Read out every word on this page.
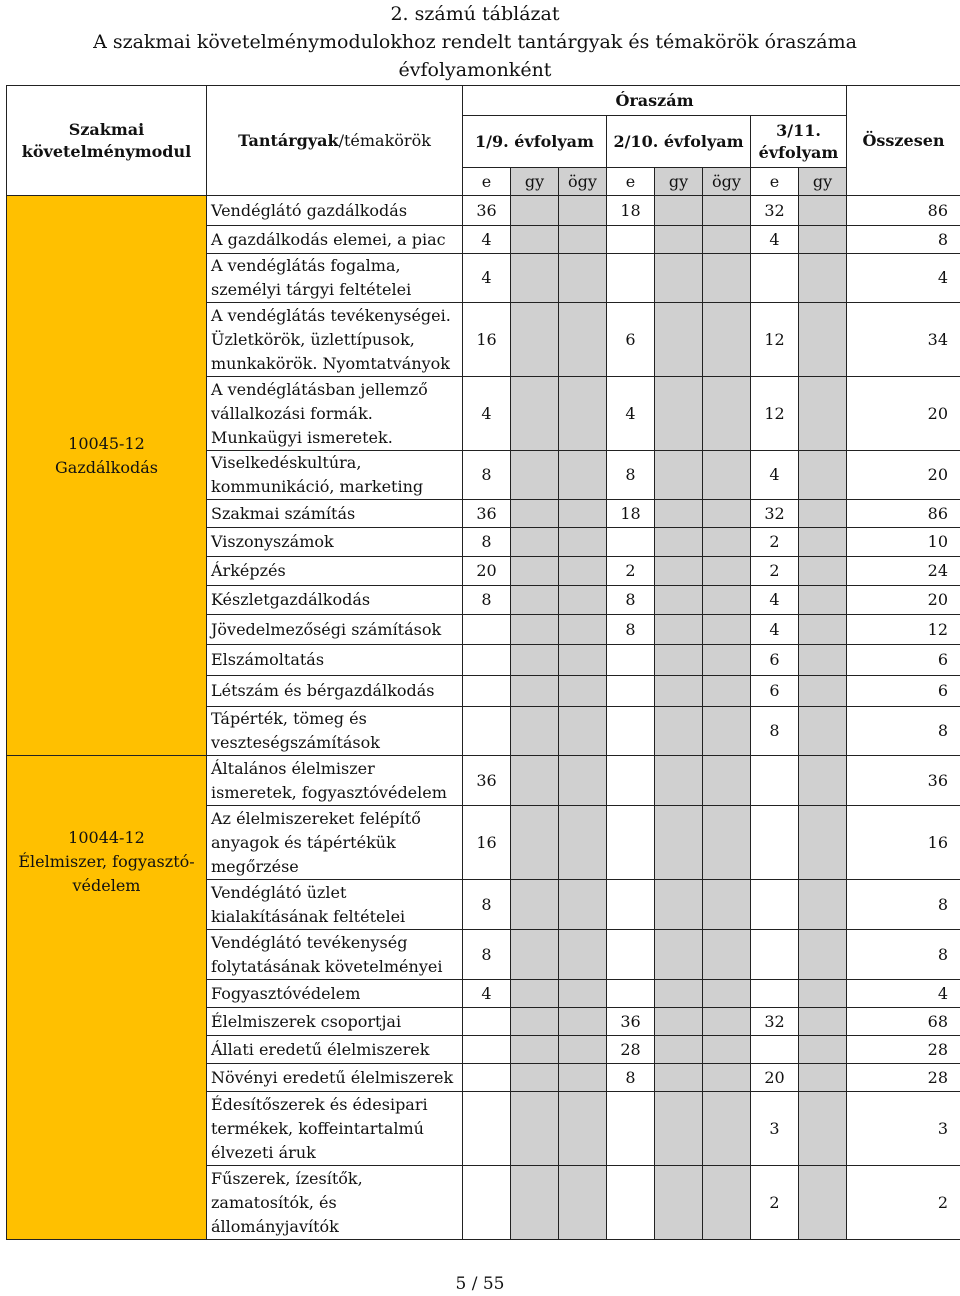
2. számú táblázat
A szakmai követelménymodulokhoz rendelt tantárgyak és témakörök óraszáma
évfolyamonként
Szakmai követelménymodul	Tantárgyak/témakörök	Óraszám								Összesen
		1/9. évfolyam			2/10. évfolyam			3/11. évfolyam		
		e	gy	ögy	e	gy	ögy	e	gy	

10045-12
Gazdálkodás	Vendéglátó gazdálkodás	36			18			32		86
	A gazdálkodás elemei, a piac	4						4		8
	A vendéglátás fogalma, személyi tárgyi feltételei	4								4
	A vendéglátás tevékenységei. Üzletkörök, üzlettípusok, munkakörök. Nyomtatványok	16			6			12		34
	A vendéglátásban jellemző vállalkozási formák. Munkaügyi ismeretek.	4			4			12		20
	Viselkedéskultúra, kommunikáció, marketing	8			8			4		20
	Szakmai számítás	36			18			32		86
	Viszonyszámok	8						2		10
	Árképzés	20			2			2		24
	Készletgazdálkodás	8			8			4		20
	Jövedelmezőségi számítások				8			4		12
	Elszámoltatás							6		6
	Létszám és bérgazdálkodás							6		6
	Tápérték, tömeg és veszteségszámítások							8		8

10044-12
Élelmiszer, fogyasztó-védelem	Általános élelmiszer ismeretek, fogyasztóvédelem	36								36
	Az élelmiszereket felépítő anyagok és tápértékük megőrzése	16								16
	Vendéglátó üzlet kialakításának feltételei	8								8
	Vendéglátó tevékenység folytatásának követelményei	8								8
	Fogyasztóvédelem	4								4
	Élelmiszerek csoportjai				36			32		68
	Állati eredetű élelmiszerek				28					28
	Növényi eredetű élelmiszerek				8			20		28
	Édesítőszerek és édesipari termékek, koffeintartalmú élvezeti áruk							3		3
	Fűszerek, ízesítők, zamatosítók, és állományjavítók							2		2
5 / 55
